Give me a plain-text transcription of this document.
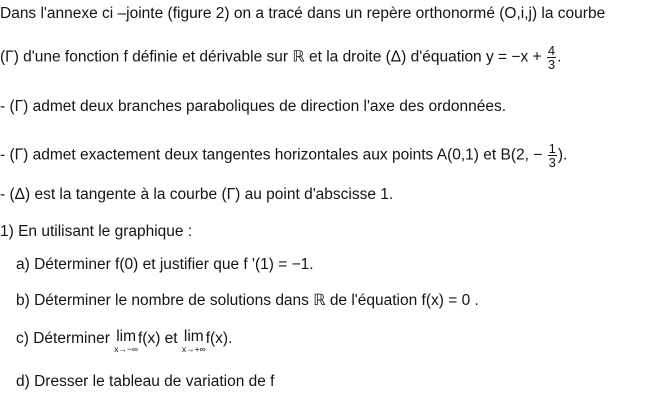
Dans l'annexe ci –jointe (figure 2) on a tracé dans un repère orthonormé (O,i,j) la courbe
(Γ) d'une fonction f définie et dérivable sur ℝ et la droite (Δ) d'équation $y = -x + \frac{4}{3}$ .
- (Γ) admet deux branches paraboliques de direction l'axe des ordonnées.
- (Γ) admet exactement deux tangentes horizontales aux points A(0,1) et B(2, − $\frac{1}{3}$ ).
- (Δ) est la tangente à la courbe (Γ) au point d'abscisse 1.
1) En utilisant le graphique :
a) Déterminer f(0) et justifier que f '(1) = −1.
b) Déterminer le nombre de solutions dans ℝ de l'équation f(x) = 0 .
c) Déterminer lim
x→−∞
f(x) et lim
x→+∞
f(x).
d) Dresser le tableau de variation de f
